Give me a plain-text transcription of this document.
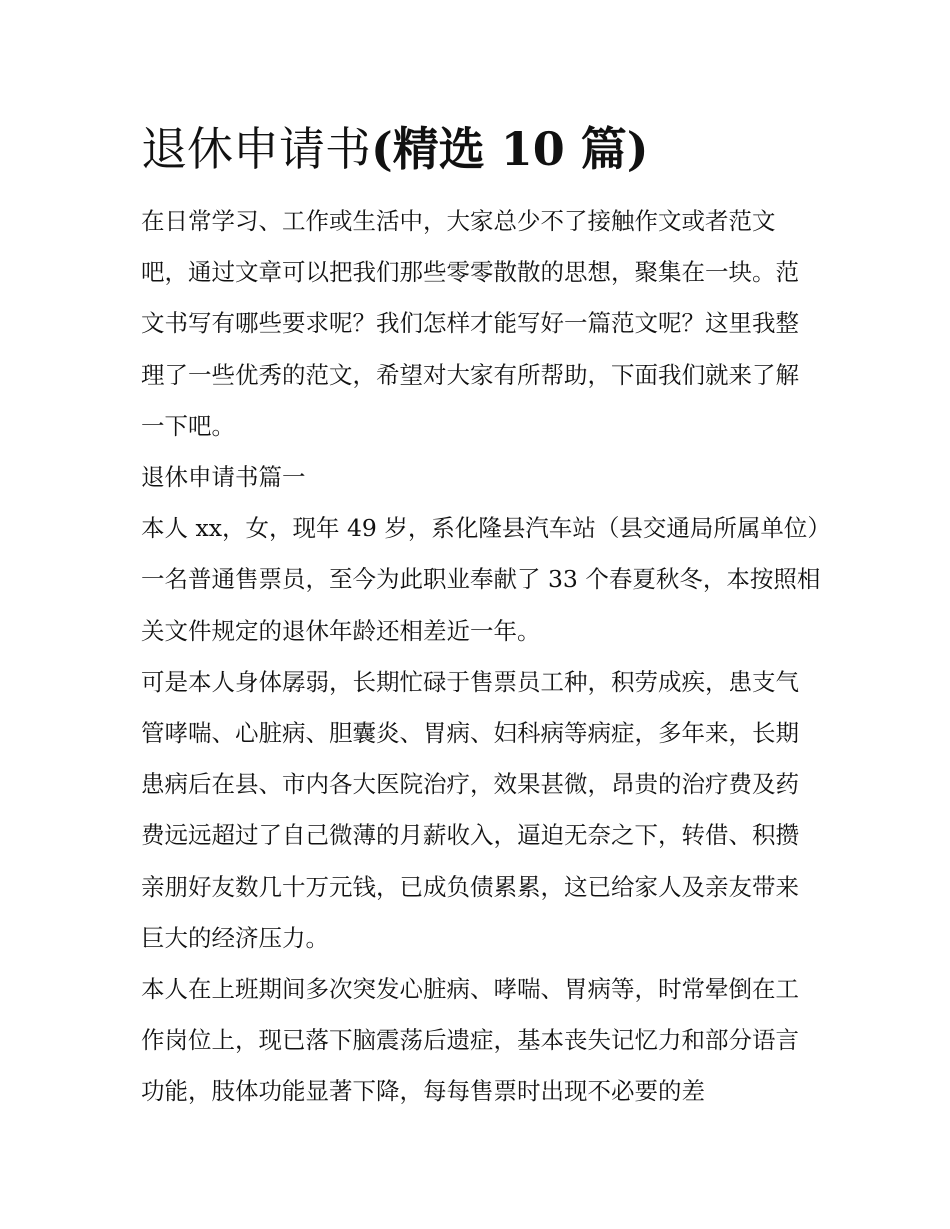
退休申请书(精选 10 篇)

在日常学习、工作或生活中，大家总少不了接触作文或者范文吧，通过文章可以把我们那些零零散散的思想，聚集在一块。范文书写有哪些要求呢？我们怎样才能写好一篇范文呢？这里我整理了一些优秀的范文，希望对大家有所帮助，下面我们就来了解一下吧。

退休申请书篇一

本人 xx，女，现年 49 岁，系化隆县汽车站（县交通局所属单位）一名普通售票员，至今为此职业奉献了 33 个春夏秋冬，本按照相关文件规定的退休年龄还相差近一年。

可是本人身体孱弱，长期忙碌于售票员工种，积劳成疾，患支气管哮喘、心脏病、胆囊炎、胃病、妇科病等病症，多年来，长期患病后在县、市内各大医院治疗，效果甚微，昂贵的治疗费及药费远远超过了自己微薄的月薪收入，逼迫无奈之下，转借、积攒亲朋好友数几十万元钱，已成负债累累，这已给家人及亲友带来巨大的经济压力。

本人在上班期间多次突发心脏病、哮喘、胃病等，时常晕倒在工作岗位上，现已落下脑震荡后遗症，基本丧失记忆力和部分语言功能，肢体功能显著下降，每每售票时出现不必要的差
